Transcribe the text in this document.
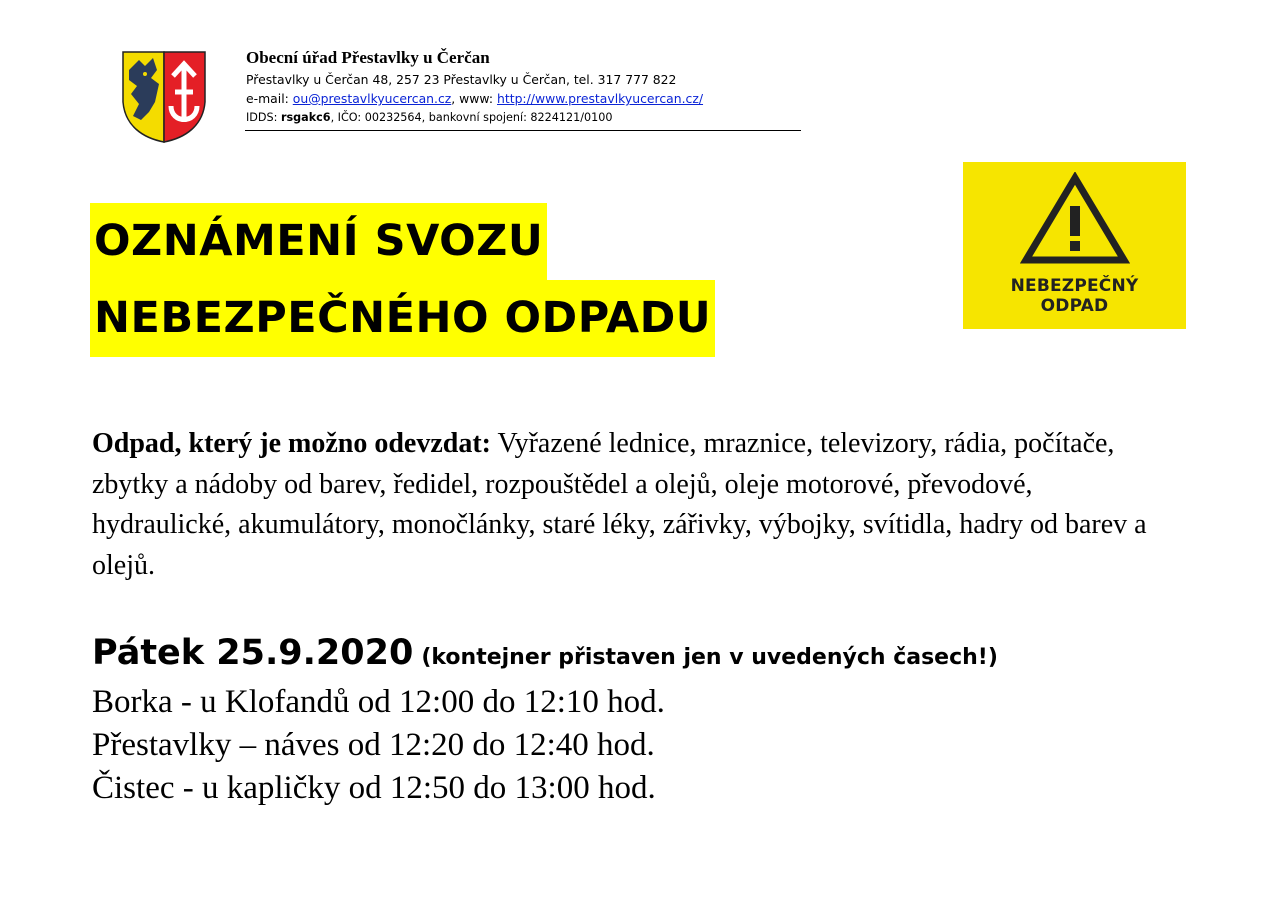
Obecní úřad Přestavlky u Čerčan
Přestavlky u Čerčan 48, 257 23 Přestavlky u Čerčan, tel. 317 777 822
e-mail: ou@prestavlkyucercan.cz, www: http://www.prestavlkyucercan.cz/
IDDS: rsgakc6, IČO: 00232564, bankovní spojení: 8224121/0100
NEBEZPEČNÝ
ODPAD
OZNÁMENÍ SVOZU
NEBEZPEČNÉHO ODPADU
Odpad, který je možno odevzdat: Vyřazené lednice, mraznice, televizory, rádia, počítače, zbytky a nádoby od barev, ředidel, rozpouštědel a olejů, oleje motorové, převodové, hydraulické, akumulátory, monočlánky, staré léky, zářivky, výbojky, svítidla, hadry od barev a olejů.
Pátek 25.9.2020 (kontejner přistaven jen v uvedených časech!)
Borka - u Klofandů od 12:00 do 12:10 hod.
Přestavlky – náves od 12:20 do 12:40 hod.
Čistec - u kapličky od 12:50 do 13:00 hod.
